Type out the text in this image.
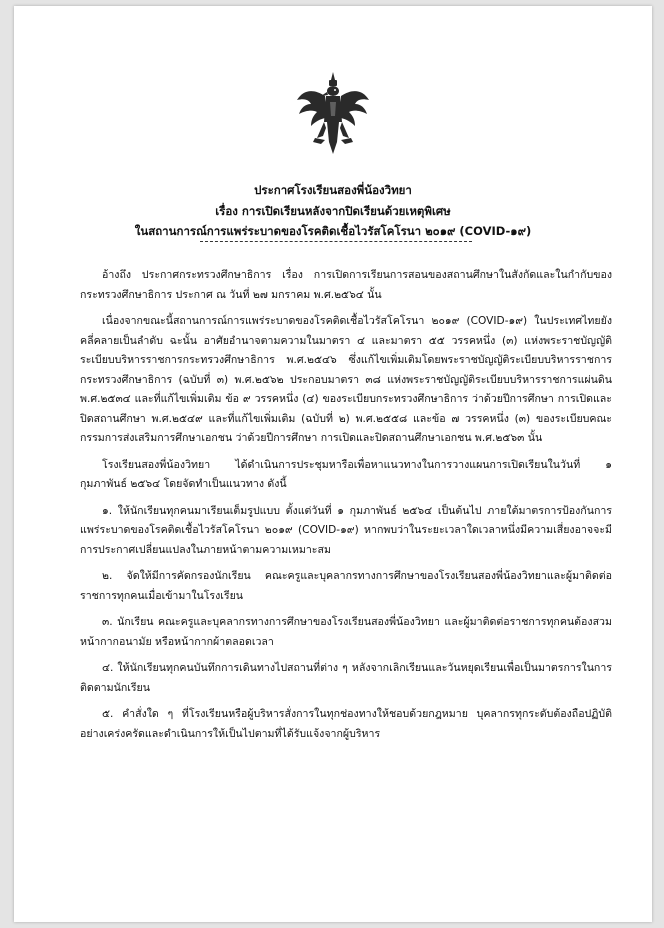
ประกาศโรงเรียนสองพี่น้องวิทยา
เรื่อง การเปิดเรียนหลังจากปิดเรียนด้วยเหตุพิเศษ
ในสถานการณ์การแพร่ระบาดของโรคติดเชื้อไวรัสโคโรนา ๒๐๑๙ (COVID-๑๙)

อ้างถึง ประกาศกระทรวงศึกษาธิการ เรื่อง การเปิดการเรียนการสอนของสถานศึกษาในสังกัดและในกำกับของกระทรวงศึกษาธิการ ประกาศ ณ วันที่ ๒๗ มกราคม พ.ศ.๒๕๖๔ นั้น

เนื่องจากขณะนี้สถานการณ์การแพร่ระบาดของโรคติดเชื้อไวรัสโคโรนา ๒๐๑๙ (COVID-๑๙) ในประเทศไทยยังคลี่คลายเป็นลำดับ ฉะนั้น อาศัยอำนาจตามความในมาตรา ๔ และมาตรา ๕๕ วรรคหนึ่ง (๓) แห่งพระราชบัญญัติระเบียบบริหารราชการกระทรวงศึกษาธิการ พ.ศ.๒๕๔๖ ซึ่งแก้ไขเพิ่มเติมโดยพระราชบัญญัติระเบียบบริหารราชการกระทรวงศึกษาธิการ (ฉบับที่ ๓) พ.ศ.๒๕๖๒ ประกอบมาตรา ๓๘ แห่งพระราชบัญญัติระเบียบบริหารราชการแผ่นดิน พ.ศ.๒๕๓๔ และที่แก้ไขเพิ่มเติม ข้อ ๙ วรรคหนึ่ง (๔) ของระเบียบกระทรวงศึกษาธิการ ว่าด้วยปีการศึกษา การเปิดและปิดสถานศึกษา พ.ศ.๒๕๔๙ และที่แก้ไขเพิ่มเติม (ฉบับที่ ๒) พ.ศ.๒๕๕๘ และข้อ ๗ วรรคหนึ่ง (๓) ของระเบียบคณะกรรมการส่งเสริมการศึกษาเอกชน ว่าด้วยปีการศึกษา การเปิดและปิดสถานศึกษาเอกชน พ.ศ.๒๕๖๓ นั้น

โรงเรียนสองพี่น้องวิทยา ได้ดำเนินการประชุมหารือเพื่อหาแนวทางในการวางแผนการเปิดเรียนในวันที่ ๑ กุมภาพันธ์ ๒๕๖๔ โดยจัดทำเป็นแนวทาง ดังนี้

๑. ให้นักเรียนทุกคนมาเรียนเต็มรูปแบบ ตั้งแต่วันที่ ๑ กุมภาพันธ์ ๒๕๖๔ เป็นต้นไป ภายใต้มาตรการป้องกันการแพร่ระบาดของโรคติดเชื้อไวรัสโคโรนา ๒๐๑๙ (COVID-๑๙) หากพบว่าในระยะเวลาใดเวลาหนึ่งมีความเสี่ยงอาจจะมีการประกาศเปลี่ยนแปลงในภายหน้าตามความเหมาะสม

๒. จัดให้มีการคัดกรองนักเรียน คณะครูและบุคลากรทางการศึกษาของโรงเรียนสองพี่น้องวิทยาและผู้มาติดต่อราชการทุกคนเมื่อเข้ามาในโรงเรียน

๓. นักเรียน คณะครูและบุคลากรทางการศึกษาของโรงเรียนสองพี่น้องวิทยา และผู้มาติดต่อราชการทุกคนต้องสวมหน้ากากอนามัย หรือหน้ากากผ้าตลอดเวลา

๔. ให้นักเรียนทุกคนบันทึกการเดินทางไปสถานที่ต่าง ๆ หลังจากเลิกเรียนและวันหยุดเรียนเพื่อเป็นมาตรการในการติดตามนักเรียน

๕. คำสั่งใด ๆ ที่โรงเรียนหรือผู้บริหารสั่งการในทุกช่องทางให้ชอบด้วยกฎหมาย บุคลากรทุกระดับต้องถือปฏิบัติอย่างเคร่งครัดและดำเนินการให้เป็นไปตามที่ได้รับแจ้งจากผู้บริหาร
